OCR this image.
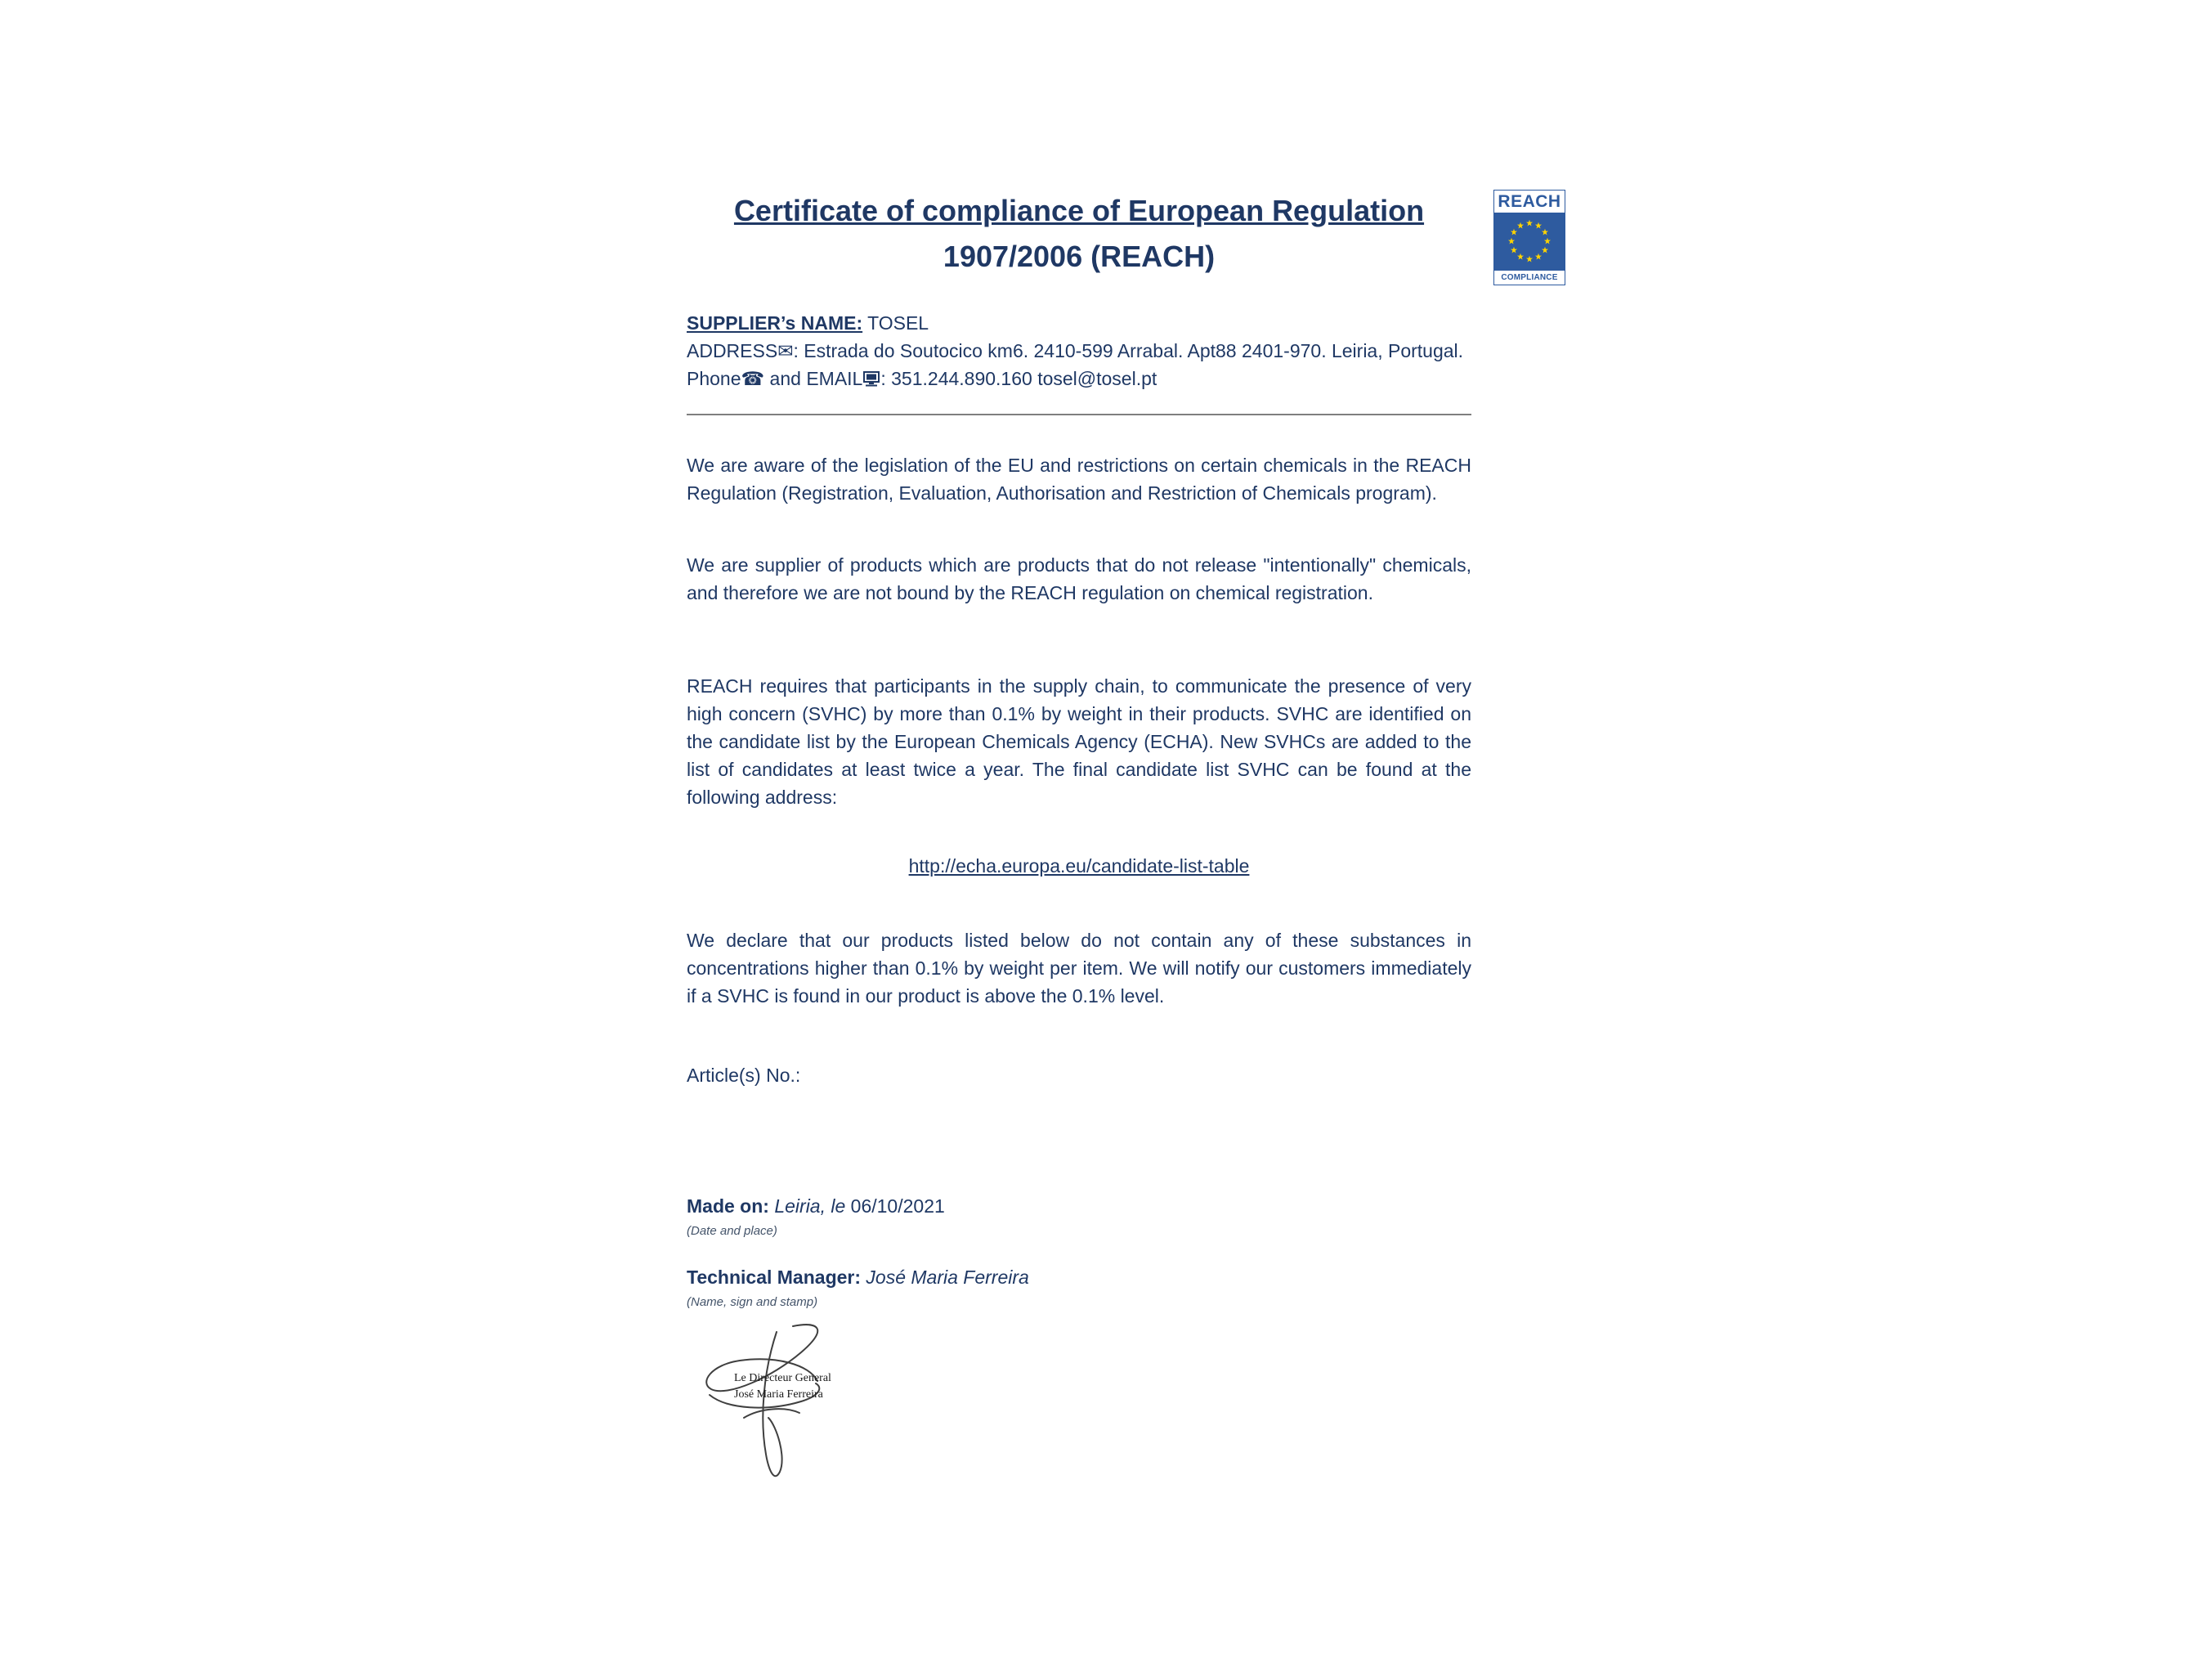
REACH
COMPLIANCE
Certificate of compliance of European Regulation
1907/2006 (REACH)

SUPPLIER’s NAME: TOSEL

ADDRESS✉: Estrada do Soutocico km6. 2410-599 Arrabal. Apt88 2401-970. Leiria, Portugal.

Phone☎ and EMAIL : 351.244.890.160 tosel@tosel.pt

We are aware of the legislation of the EU and restrictions on certain chemicals in the REACH Regulation (Registration, Evaluation, Authorisation and Restriction of Chemicals program).

We are supplier of products which are products that do not release "intentionally" chemicals, and therefore we are not bound by the REACH regulation on chemical registration.

REACH requires that participants in the supply chain, to communicate the presence of very high concern (SVHC) by more than 0.1% by weight in their products. SVHC are identified on the candidate list by the European Chemicals Agency (ECHA). New SVHCs are added to the list of candidates at least twice a year. The final candidate list SVHC can be found at the following address:

http://echa.europa.eu/candidate-list-table

We declare that our products listed below do not contain any of these substances in concentrations higher than 0.1% by weight per item. We will notify our customers immediately if a SVHC is found in our product is above the 0.1% level.

Article(s) No.:

Made on: Leiria, le 06/10/2021

(Date and place)

Technical Manager: José Maria Ferreira

(Name, sign and stamp)

Le Directeur General
José Maria Ferreira
